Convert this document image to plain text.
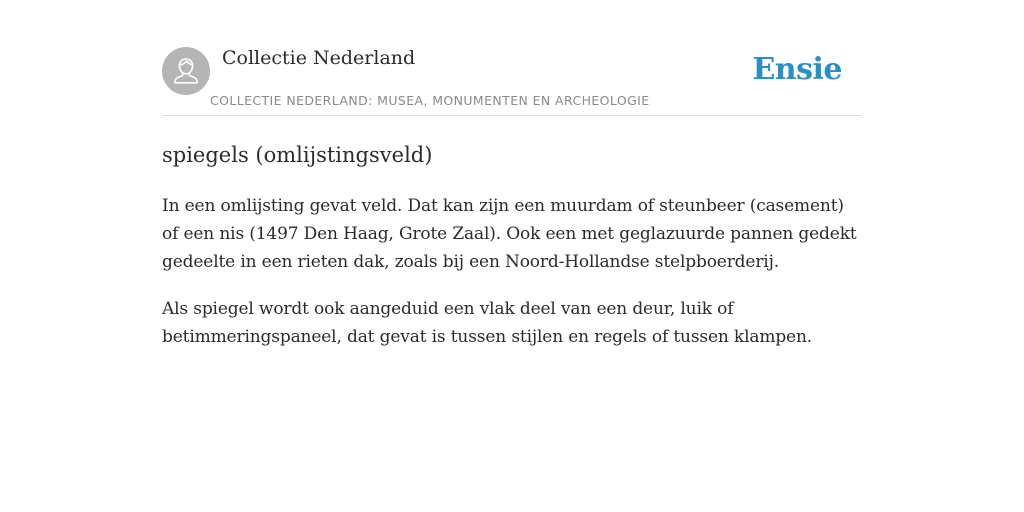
Collectie Nederland
COLLECTIE NEDERLAND: MUSEA, MONUMENTEN EN ARCHEOLOGIE
Ensie
spiegels (omlijstingsveld)

In een omlijsting gevat veld. Dat kan zijn een muurdam of steunbeer (casement) of een nis (1497 Den Haag, Grote Zaal). Ook een met geglazuurde pannen gedekt gedeelte in een rieten dak, zoals bij een Noord-Hollandse stelpboerderij.

Als spiegel wordt ook aangeduid een vlak deel van een deur, luik of betimmeringspaneel, dat gevat is tussen stijlen en regels of tussen klampen.
